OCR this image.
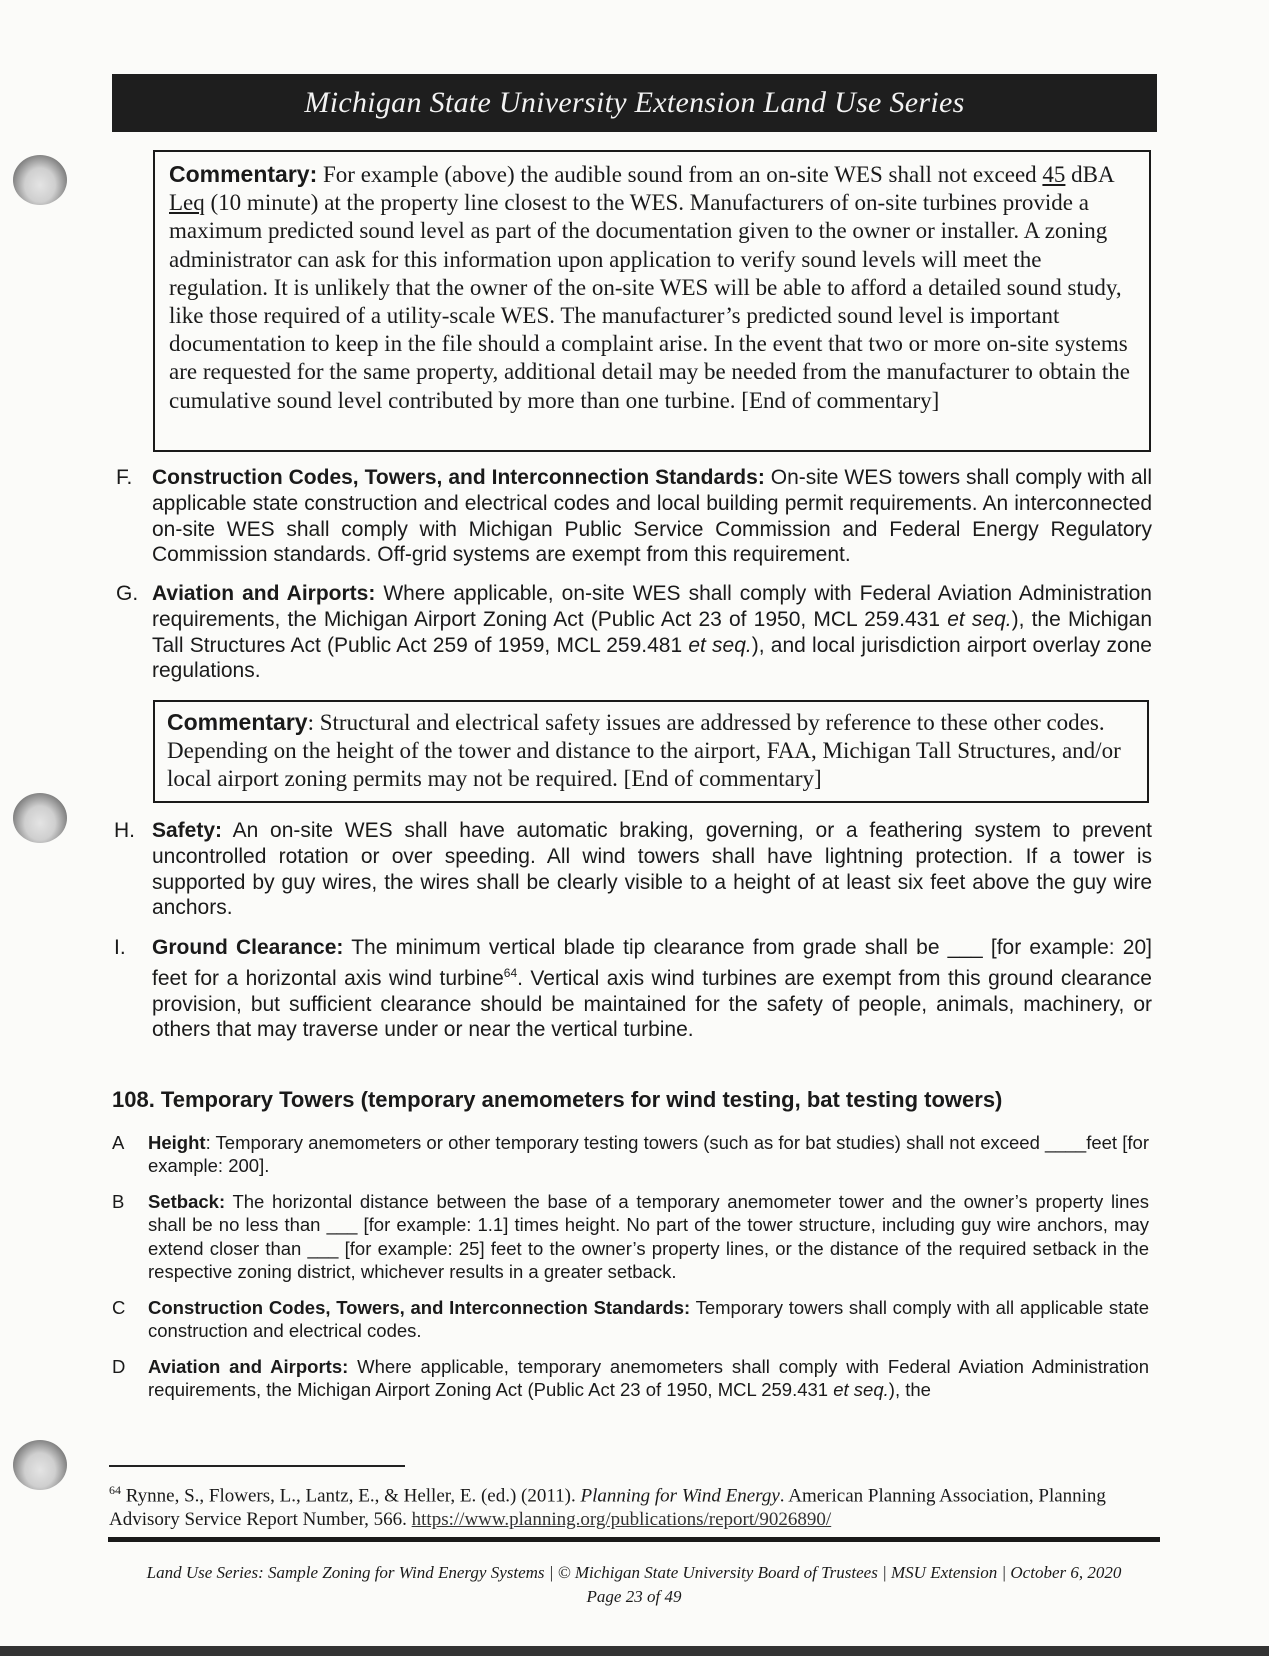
Michigan State University Extension Land Use Series

Commentary: For example (above) the audible sound from an on-site WES shall not exceed 45 dBA Leq (10 minute) at the property line closest to the WES. Manufacturers of on-site turbines provide a maximum predicted sound level as part of the documentation given to the owner or installer. A zoning administrator can ask for this information upon application to verify sound levels will meet the regulation. It is unlikely that the owner of the on-site WES will be able to afford a detailed sound study, like those required of a utility-scale WES. The manufacturer’s predicted sound level is important documentation to keep in the file should a complaint arise. In the event that two or more on-site systems are requested for the same property, additional detail may be needed from the manufacturer to obtain the cumulative sound level contributed by more than one turbine. [End of commentary]

F. Construction Codes, Towers, and Interconnection Standards: On-site WES towers shall comply with all applicable state construction and electrical codes and local building permit requirements. An interconnected on-site WES shall comply with Michigan Public Service Commission and Federal Energy Regulatory Commission standards. Off-grid systems are exempt from this requirement.

G. Aviation and Airports: Where applicable, on-site WES shall comply with Federal Aviation Administration requirements, the Michigan Airport Zoning Act (Public Act 23 of 1950, MCL 259.431 et seq.), the Michigan Tall Structures Act (Public Act 259 of 1959, MCL 259.481 et seq.), and local jurisdiction airport overlay zone regulations.

Commentary: Structural and electrical safety issues are addressed by reference to these other codes. Depending on the height of the tower and distance to the airport, FAA, Michigan Tall Structures, and/or local airport zoning permits may not be required. [End of commentary]

H. Safety: An on-site WES shall have automatic braking, governing, or a feathering system to prevent uncontrolled rotation or over speeding. All wind towers shall have lightning protection. If a tower is supported by guy wires, the wires shall be clearly visible to a height of at least six feet above the guy wire anchors.

I.	Ground Clearance: The minimum vertical blade tip clearance from grade shall be ___ [for example: 20] feet for a horizontal axis wind turbine$^{64}$. Vertical axis wind turbines are exempt from this ground clearance provision, but sufficient clearance should be maintained for the safety of people, animals, machinery, or others that may traverse under or near the vertical turbine.

108. Temporary Towers (temporary anemometers for wind testing, bat testing towers)
A	Height: Temporary anemometers or other temporary testing towers (such as for bat studies) shall not exceed ____feet [for example: 200].

B	Setback: The horizontal distance between the base of a temporary anemometer tower and the owner’s property lines shall be no less than ___ [for example: 1.1] times height. No part of the tower structure, including guy wire anchors, may extend closer than ___ [for example: 25] feet to the owner’s property lines, or the distance of the required setback in the respective zoning district, whichever results in a greater setback.

C	Construction Codes, Towers, and Interconnection Standards: Temporary towers shall comply with all applicable state construction and electrical codes.

D	Aviation and Airports: Where applicable, temporary anemometers shall comply with Federal Aviation Administration requirements, the Michigan Airport Zoning Act (Public Act 23 of 1950, MCL 259.431 et seq.), the

$^{64}$ Rynne, S., Flowers, L., Lantz, E., & Heller, E. (ed.) (2011). Planning for Wind Energy. American Planning Association, Planning Advisory Service Report Number, 566. https://www.planning.org/publications/report/9026890/

Land Use Series: Sample Zoning for Wind Energy Systems | © Michigan State University Board of Trustees | MSU Extension | October 6, 2020
Page 23 of 49
